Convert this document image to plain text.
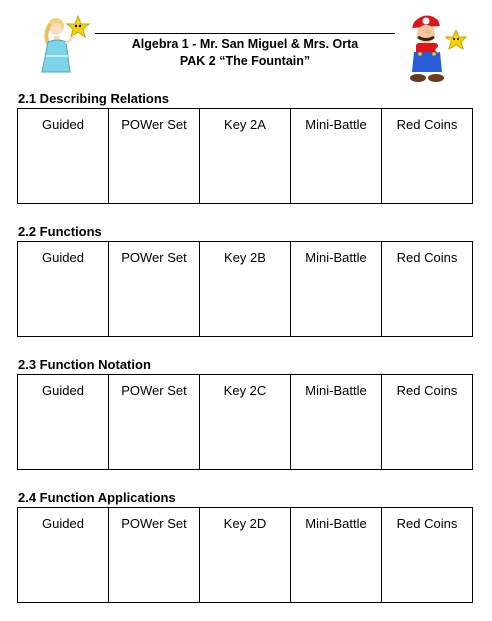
Algebra 1 - Mr. San Miguel & Mrs. Orta
PAK 2 “The Fountain”
2.1 Describing Relations
Guided	POWer Set	Key 2A	Mini-Battle	Red Coins
2.2 Functions
Guided	POWer Set	Key 2B	Mini-Battle	Red Coins
2.3 Function Notation
Guided	POWer Set	Key 2C	Mini-Battle	Red Coins
2.4 Function Applications
Guided	POWer Set	Key 2D	Mini-Battle	Red Coins
